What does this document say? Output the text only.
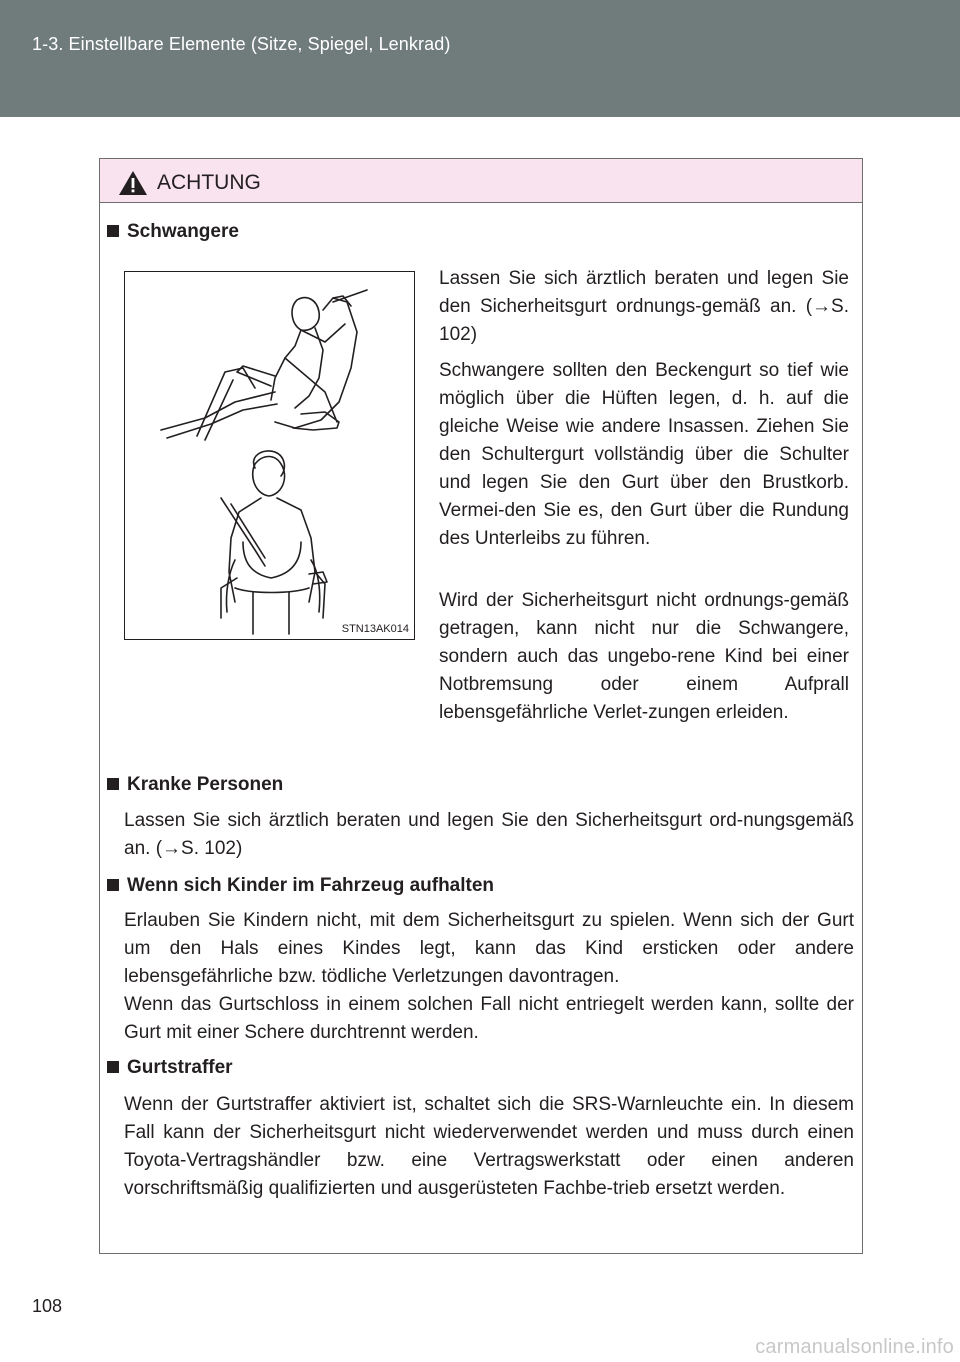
1-3. Einstellbare Elemente (Sitze, Spiegel, Lenkrad)
ACHTUNG
Schwangere
STN13AK014
Lassen Sie sich ärztlich beraten und legen Sie den Sicherheitsgurt ordnungs-gemäß an. (→S. 102)
Schwangere sollten den Beckengurt so tief wie möglich über die Hüften legen, d. h. auf die gleiche Weise wie andere Insassen. Ziehen Sie den Schultergurt vollständig über die Schulter und legen Sie den Gurt über den Brustkorb. Vermei-den Sie es, den Gurt über die Rundung des Unterleibs zu führen.
Wird der Sicherheitsgurt nicht ordnungs-gemäß getragen, kann nicht nur die Schwangere, sondern auch das ungebo-rene Kind bei einer Notbremsung oder einem Aufprall lebensgefährliche Verlet-zungen erleiden.
Kranke Personen
Lassen Sie sich ärztlich beraten und legen Sie den Sicherheitsgurt ord-nungsgemäß an. (→S. 102)
Wenn sich Kinder im Fahrzeug aufhalten
Erlauben Sie Kindern nicht, mit dem Sicherheitsgurt zu spielen. Wenn sich der Gurt um den Hals eines Kindes legt, kann das Kind ersticken oder andere lebensgefährliche bzw. tödliche Verletzungen davontragen.
Wenn das Gurtschloss in einem solchen Fall nicht entriegelt werden kann, sollte der Gurt mit einer Schere durchtrennt werden.
Gurtstraffer
Wenn der Gurtstraffer aktiviert ist, schaltet sich die SRS-Warnleuchte ein. In diesem Fall kann der Sicherheitsgurt nicht wiederverwendet werden und muss durch einen Toyota-Vertragshändler bzw. eine Vertragswerkstatt oder einen anderen vorschriftsmäßig qualifizierten und ausgerüsteten Fachbe-trieb ersetzt werden.
108
carmanualsonline.info
